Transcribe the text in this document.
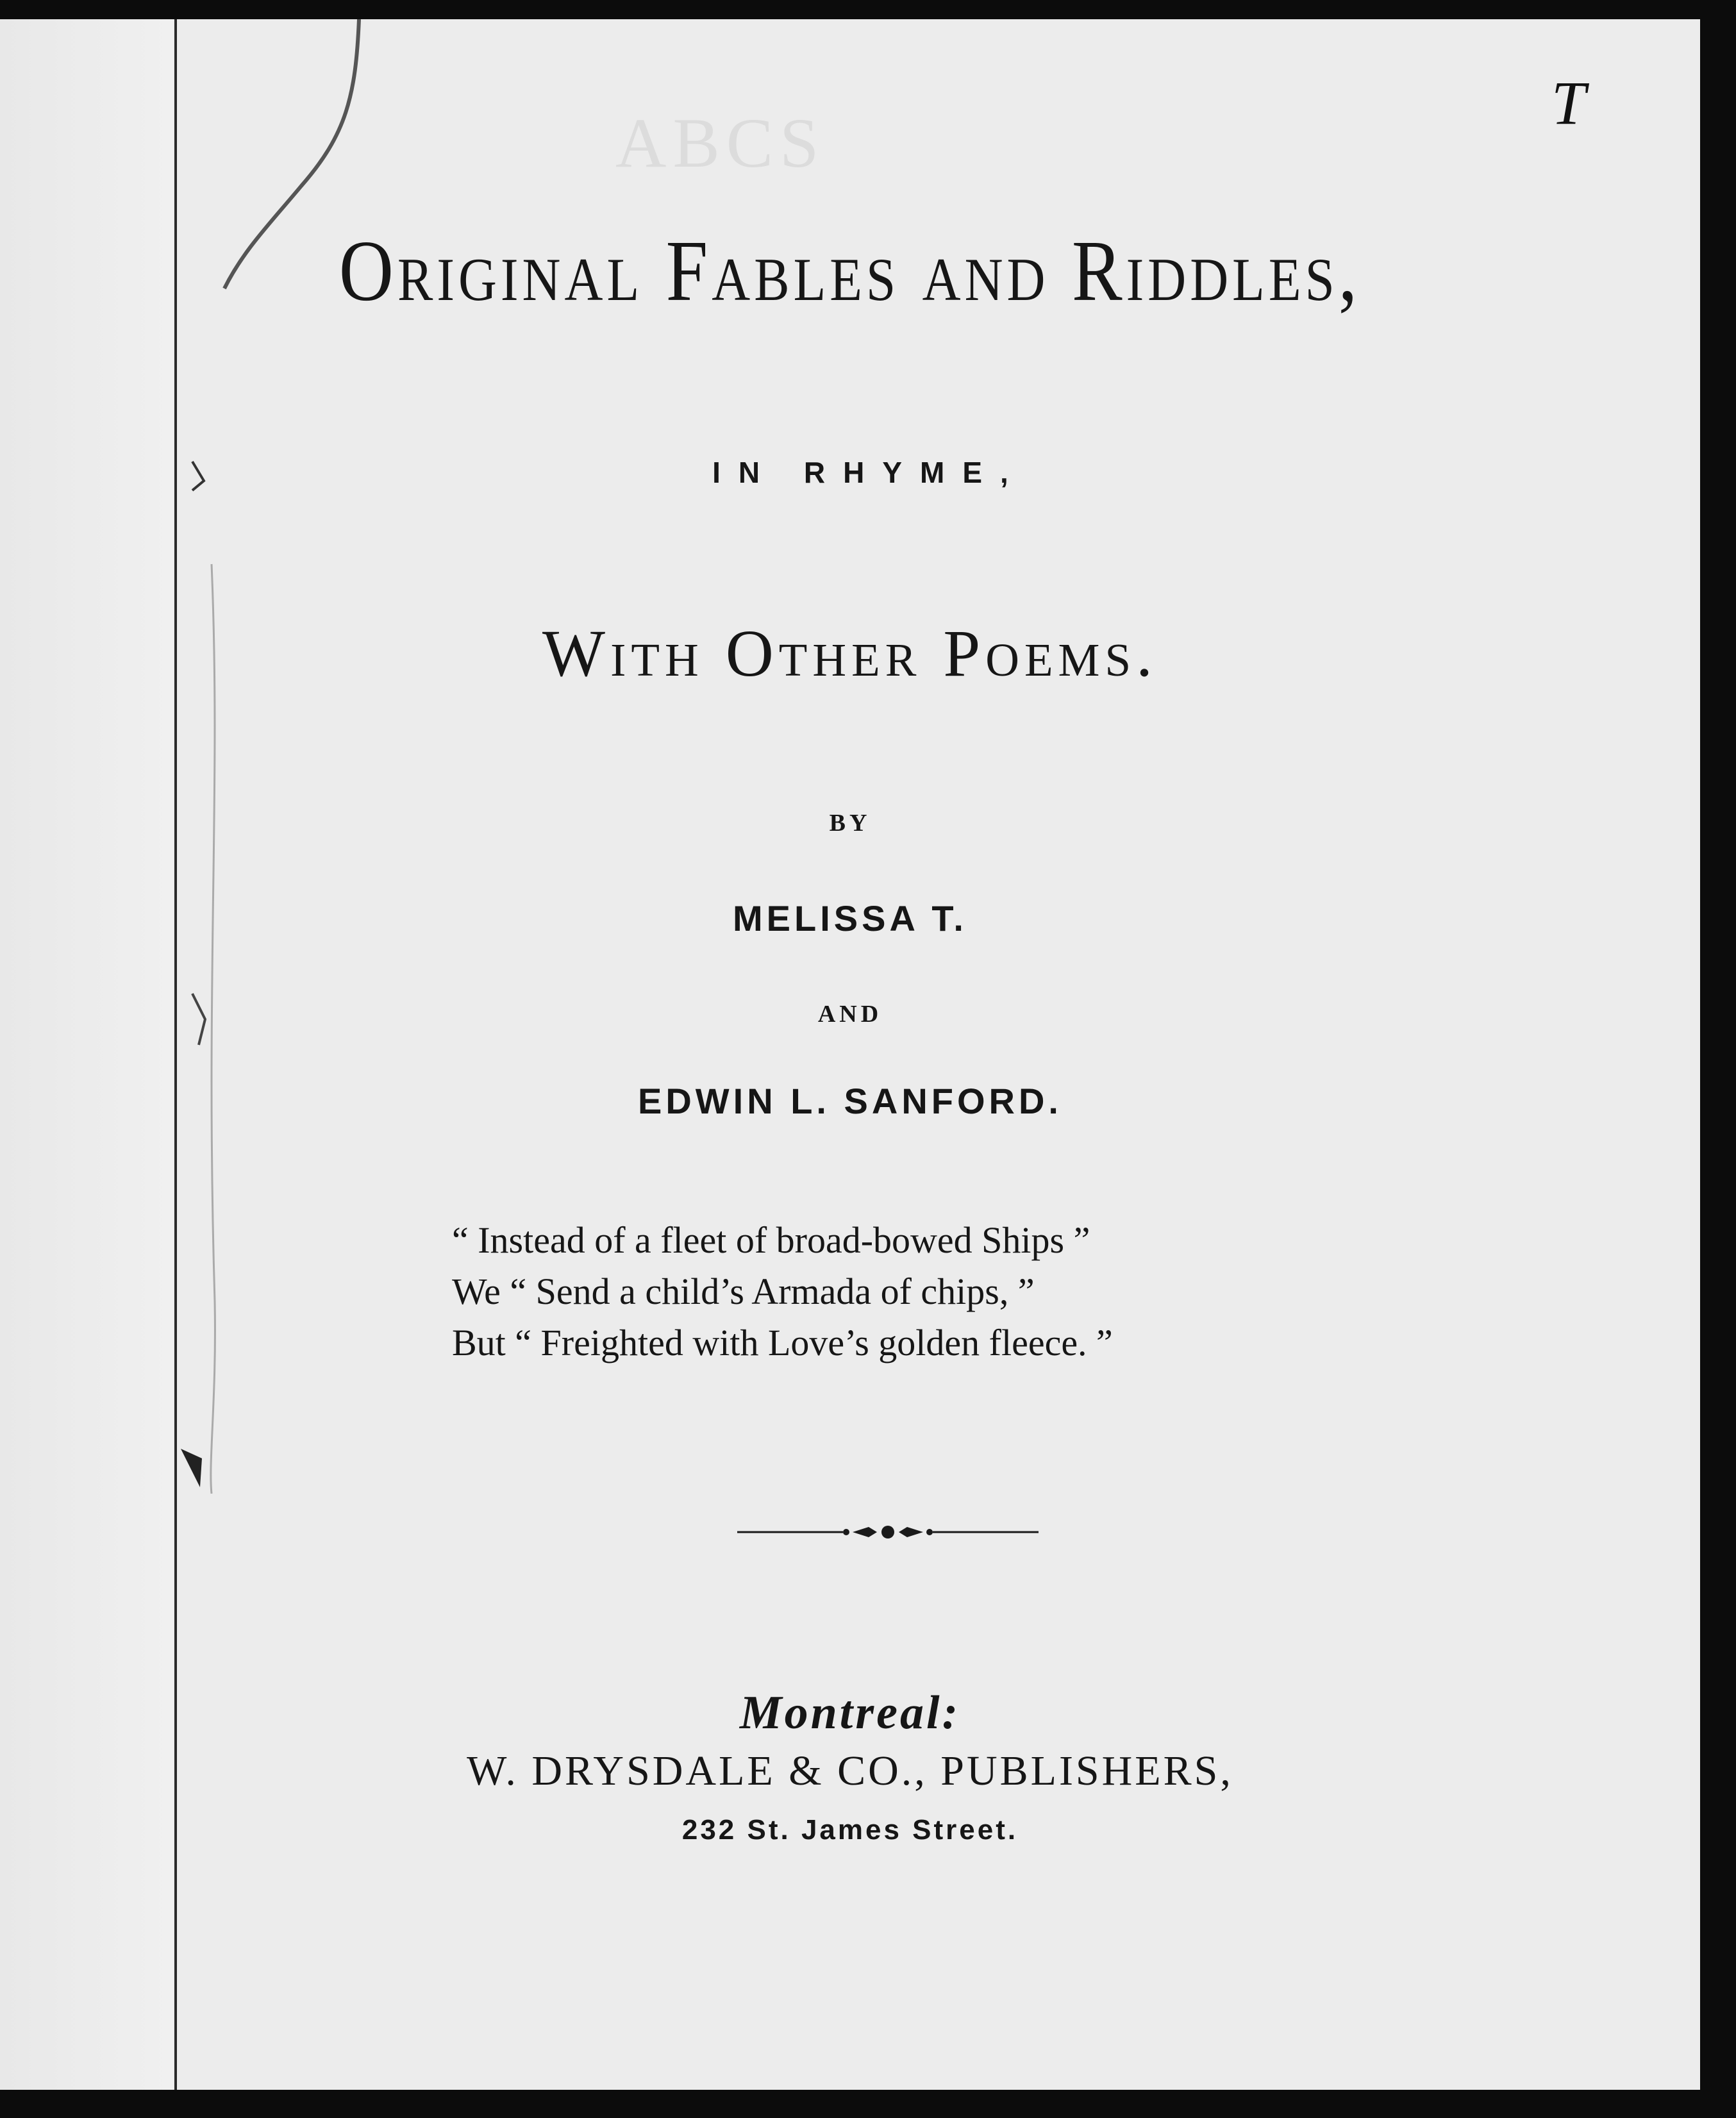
ABCS
T
Original Fables and Riddles,
IN RHYME,
With Other Poems.
BY
MELISSA T.
AND
EDWIN L. SANFORD.
“ Instead of a fleet of broad-bowed Ships ”
We “ Send a child’s Armada of chips, ”
But “ Freighted with Love’s golden fleece. ”
Montreal:
W. DRYSDALE & CO., PUBLISHERS,
232 St. James Street.
